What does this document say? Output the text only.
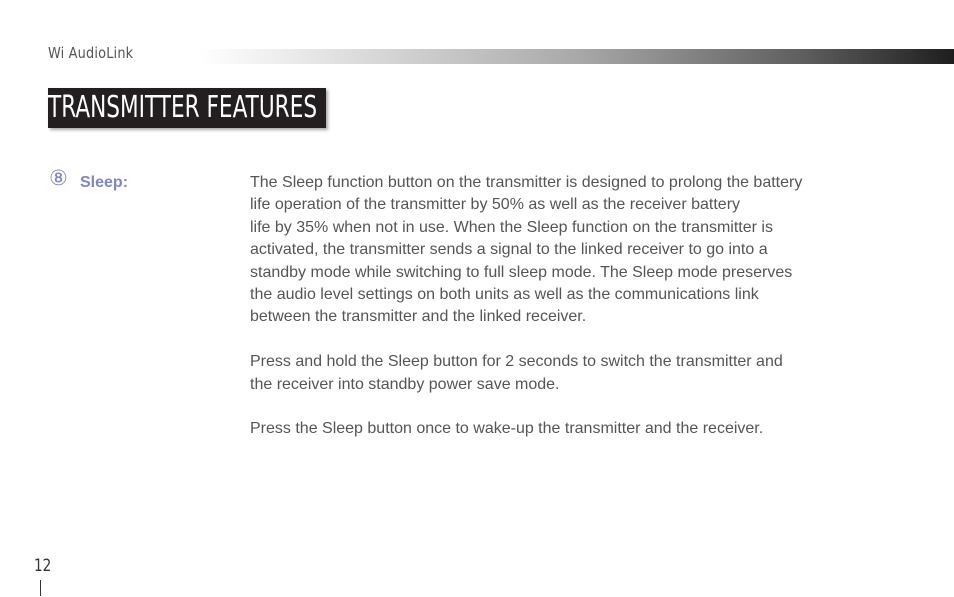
Wi AudioLink
TRANSMITTER FEATURES
⑧ Sleep:	The Sleep function button on the transmitter is designed to prolong the battery
life operation of the transmitter by 50% as well as the receiver battery
life by 35% when not in use. When the Sleep function on the transmitter is
activated, the transmitter sends a signal to the linked receiver to go into a
standby mode while switching to full sleep mode. The Sleep mode preserves
the audio level settings on both units as well as the communications link
between the transmitter and the linked receiver.

Press and hold the Sleep button for 2 seconds to switch the transmitter and
the receiver into standby power save mode.

Press the Sleep button once to wake-up the transmitter and the receiver.

12
